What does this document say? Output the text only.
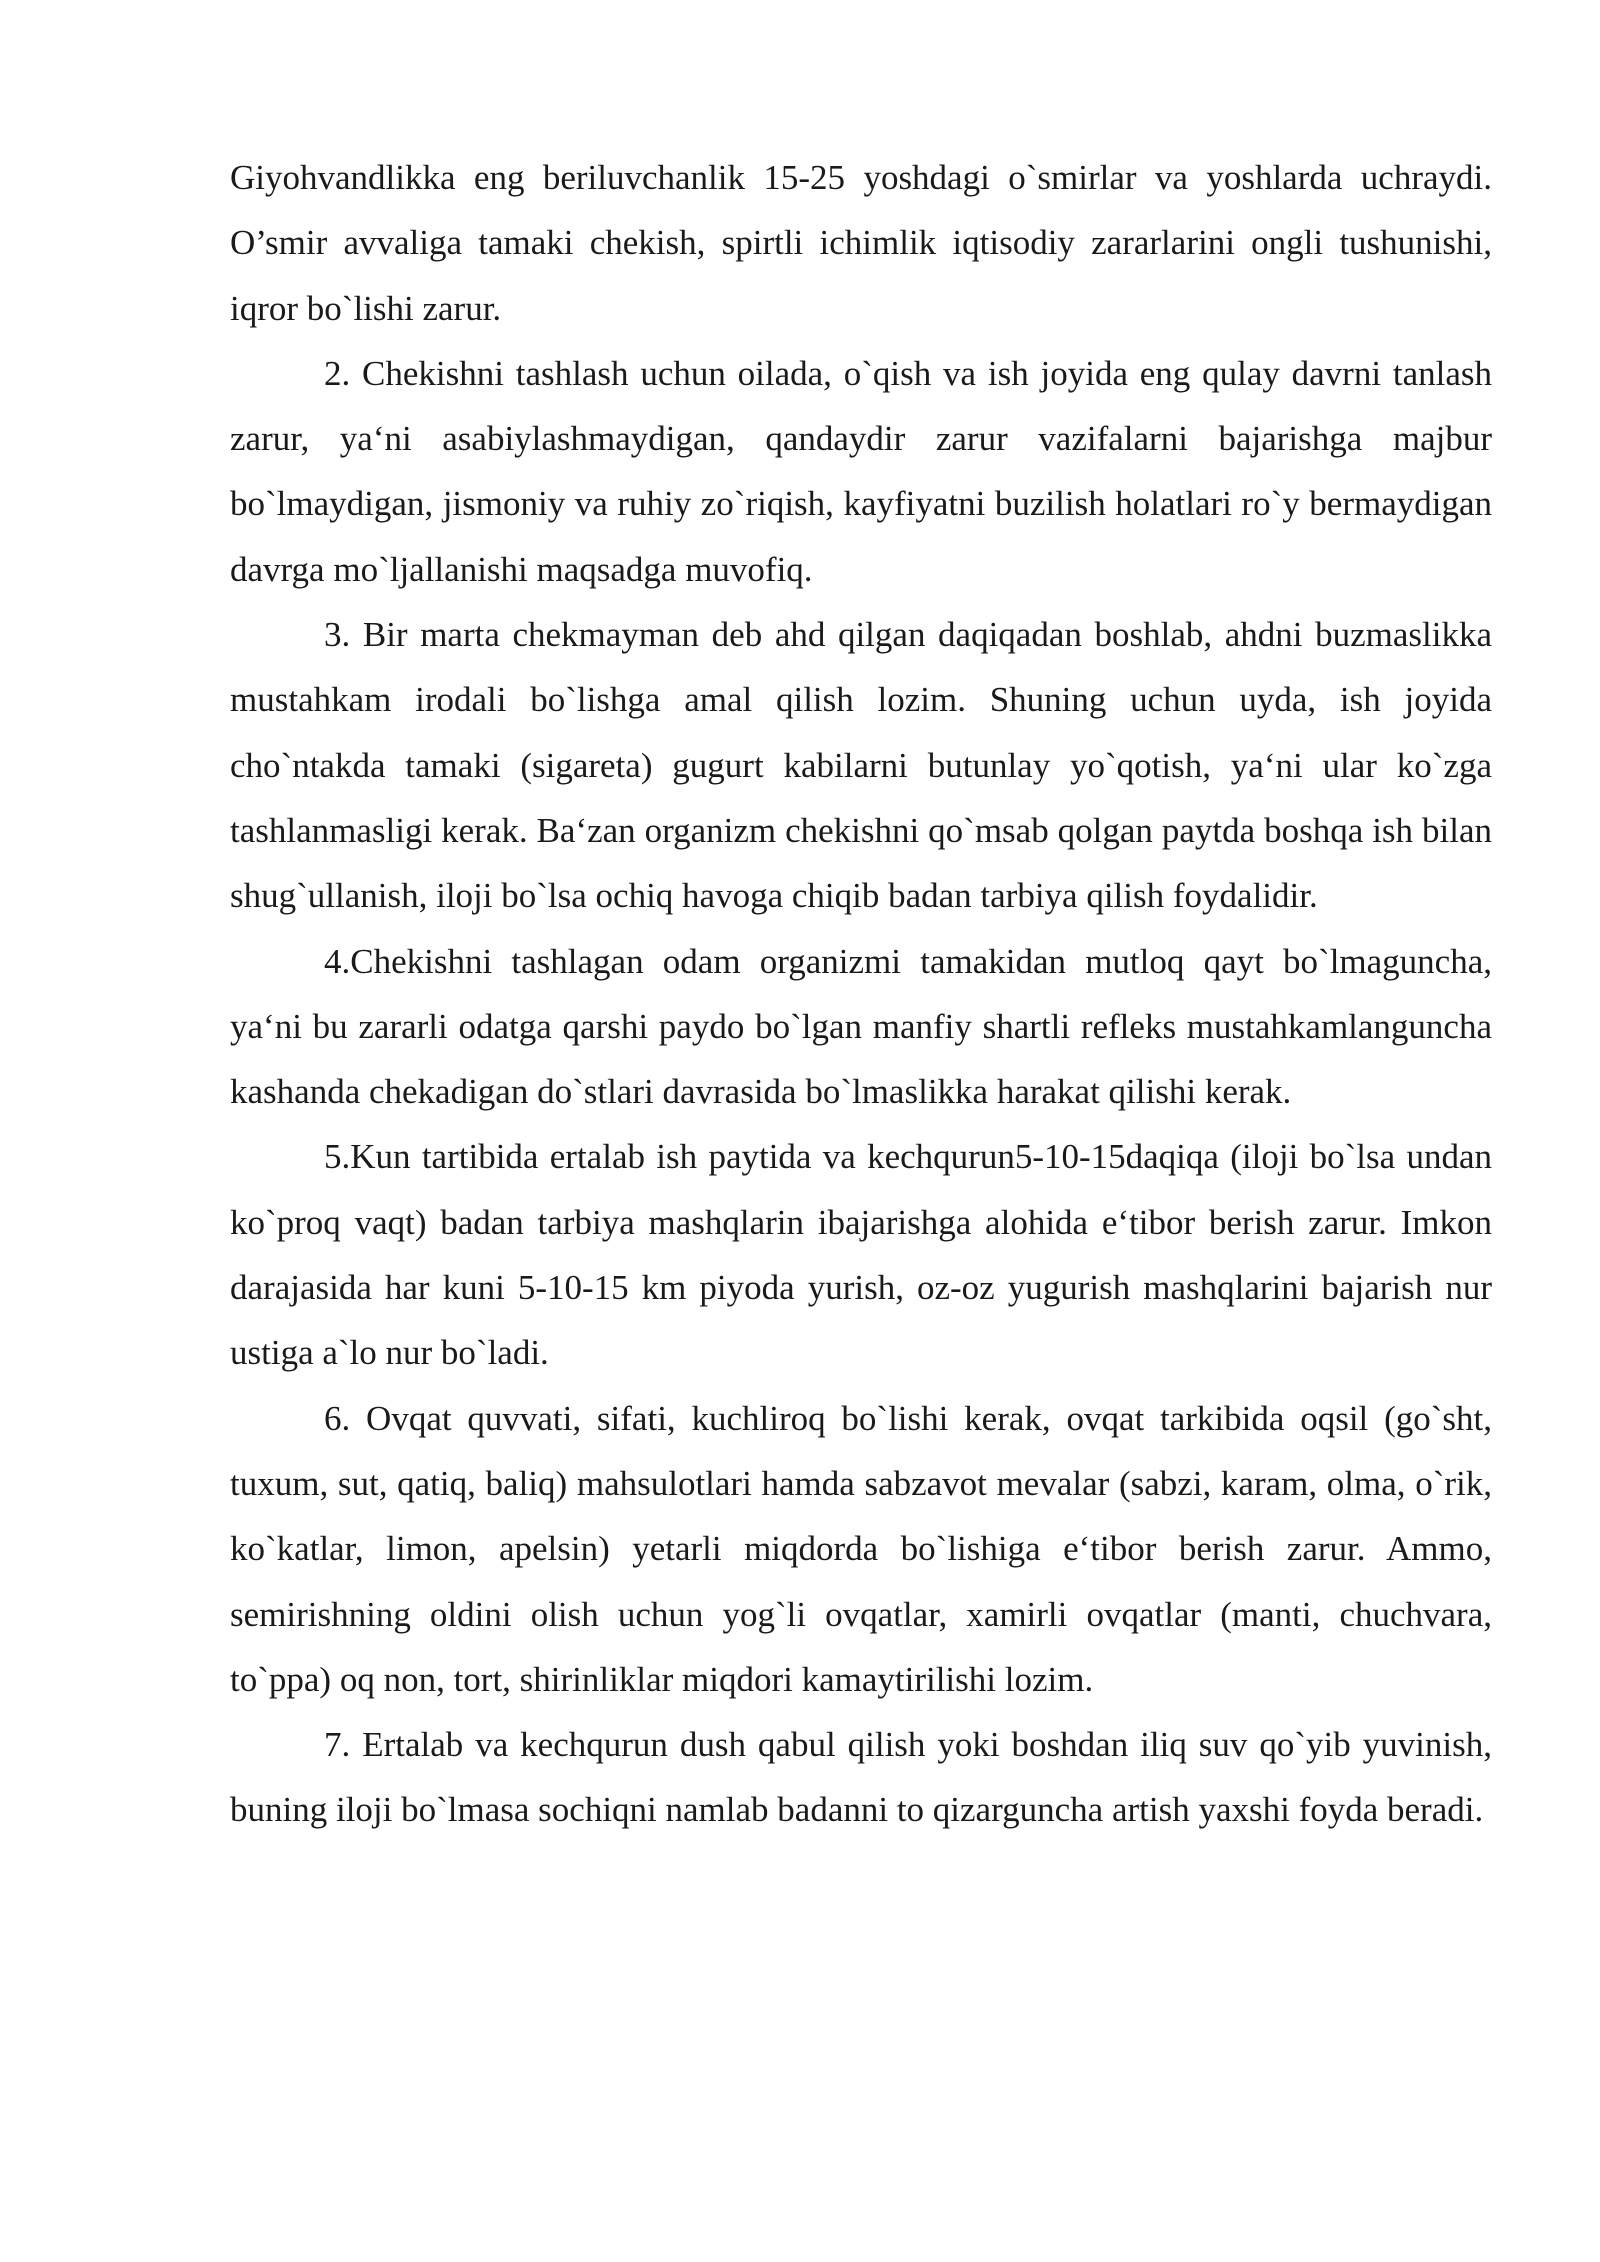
Giyohvandlikka eng beriluvchanlik 15-25 yoshdagi o`smirlar va yoshlarda uchraydi. O’smir avvaliga tamaki chekish, spirtli ichimlik iqtisodiy zararlarini ongli tushunishi, iqror bo`lishi zarur.

2. Chekishni tashlash uchun oilada, o`qish va ish joyida eng qulay davrni tanlash zarur, ya‘ni asabiylashmaydigan, qandaydir zarur vazifalarni bajarishga majbur bo`lmaydigan, jismoniy va ruhiy zo`riqish, kayfiyatni buzilish holatlari ro`y bermaydigan davrga mo`ljallanishi maqsadga muvofiq.

3. Bir marta chekmayman deb ahd qilgan daqiqadan boshlab, ahdni buzmaslikka mustahkam irodali bo`lishga amal qilish lozim. Shuning uchun uyda, ish joyida cho`ntakda tamaki (sigareta) gugurt kabilarni butunlay yo`qotish, ya‘ni ular ko`zga tashlanmasligi kerak. Ba‘zan organizm chekishni qo`msab qolgan paytda boshqa ish bilan shug`ullanish, iloji bo`lsa ochiq havoga chiqib badan tarbiya qilish foydalidir.

4.Chekishni tashlagan odam organizmi tamakidan mutloq qayt bo`lmaguncha, ya‘ni bu zararli odatga qarshi paydo bo`lgan manfiy shartli refleks mustahkamlanguncha kashanda chekadigan do`stlari davrasida bo`lmaslikka harakat qilishi kerak.

5.Kun tartibida ertalab ish paytida va kechqurun5-10-15daqiqa (iloji bo`lsa undan ko`proq vaqt) badan tarbiya mashqlarin ibajarishga alohida e‘tibor berish zarur. Imkon darajasida har kuni 5-10-15 km piyoda yurish, oz-oz yugurish mashqlarini bajarish nur ustiga a`lo nur bo`ladi.

6. Ovqat quvvati, sifati, kuchliroq bo`lishi kerak, ovqat tarkibida oqsil (go`sht, tuxum, sut, qatiq, baliq) mahsulotlari hamda sabzavot mevalar (sabzi, karam, olma, o`rik, ko`katlar, limon, apelsin) yetarli miqdorda bo`lishiga e‘tibor berish zarur. Ammo, semirishning oldini olish uchun yog`li ovqatlar, xamirli ovqatlar (manti, chuchvara, to`ppa) oq non, tort, shirinliklar miqdori kamaytirilishi lozim.

7. Ertalab va kechqurun dush qabul qilish yoki boshdan iliq suv qo`yib yuvinish, buning iloji bo`lmasa sochiqni namlab badanni to qizarguncha artish yaxshi foyda beradi.
